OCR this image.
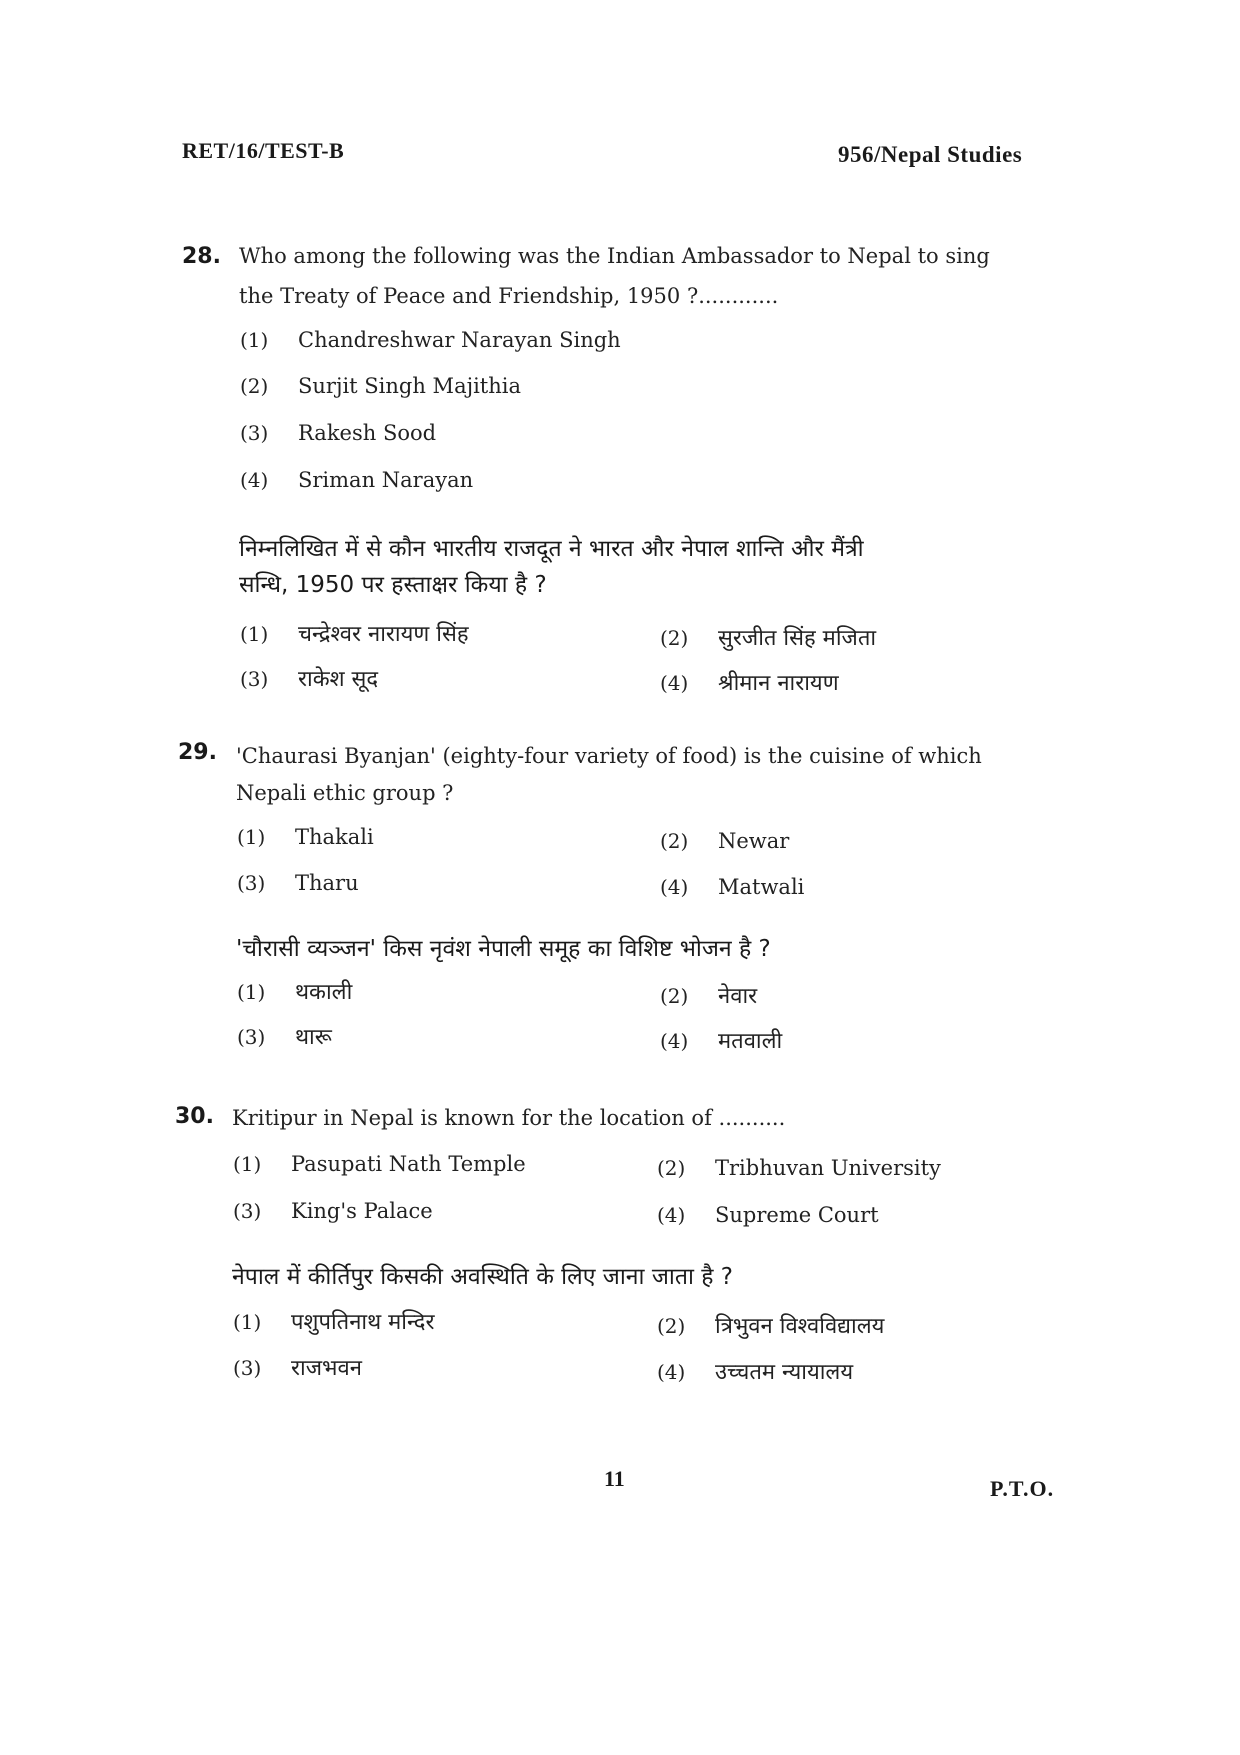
RET/16/TEST-B	956/Nepal Studies
28. Who among the following was the Indian Ambassador to Nepal to sing
the Treaty of Peace and Friendship, 1950 ?............
(1) Chandreshwar Narayan Singh
(2) Surjit Singh Majithia
(3) Rakesh Sood
(4) Sriman Narayan
निम्नलिखित में से कौन भारतीय राजदूत ने भारत और नेपाल शान्ति और मैंत्री
सन्धि, 1950 पर हस्ताक्षर किया है ?
(1) चन्द्रेश्वर नारायण सिंह	(2) सुरजीत सिंह मजिता
(3) राकेश सूद	(4) श्रीमान नारायण
29. 'Chaurasi Byanjan' (eighty-four variety of food) is the cuisine of which
Nepali ethic group ?
(1) Thakali	(2) Newar
(3) Tharu	(4) Matwali
'चौरासी व्यञ्जन' किस नृवंश नेपाली समूह का विशिष्ट भोजन है ?
(1) थकाली	(2) नेवार
(3) थारू	(4) मतवाली
30. Kritipur in Nepal is known for the location of ..........
(1) Pasupati Nath Temple	(2) Tribhuvan University
(3) King's Palace	(4) Supreme Court
नेपाल में कीर्तिपुर किसकी अवस्थिति के लिए जाना जाता है ?
(1) पशुपतिनाथ मन्दिर	(2) त्रिभुवन विश्वविद्यालय
(3) राजभवन	(4) उच्चतम न्यायालय
11	P.T.O.
